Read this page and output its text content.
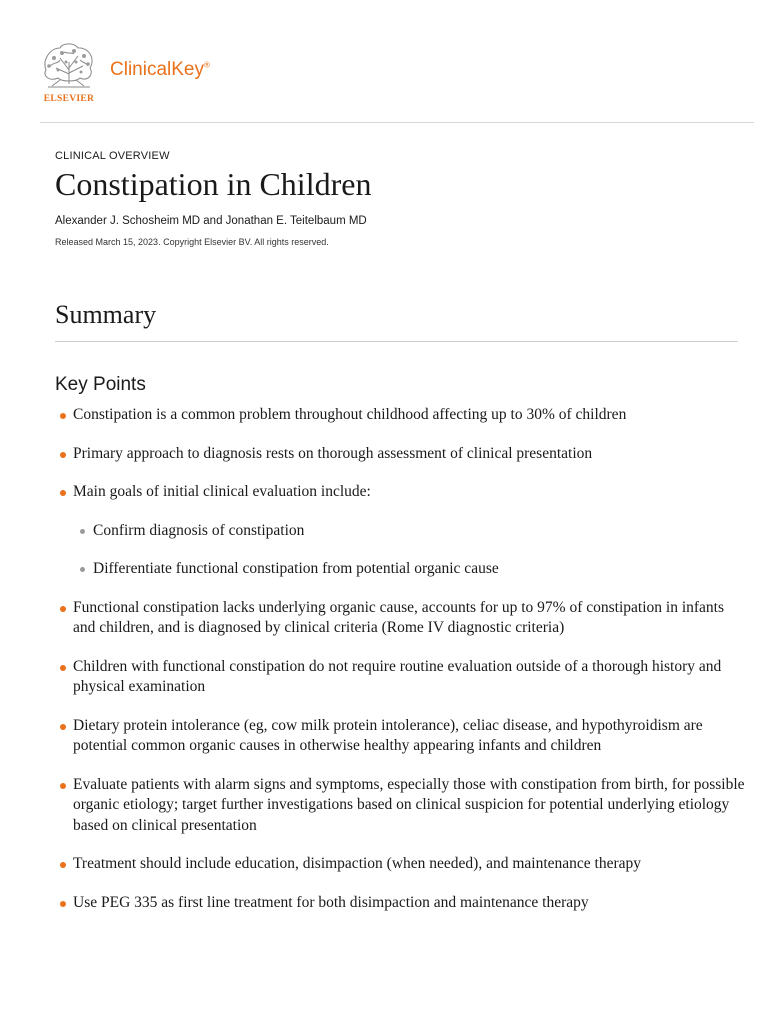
ELSEVIER
ClinicalKey®
CLINICAL OVERVIEW
Constipation in Children
Alexander J. Schosheim MD and Jonathan E. Teitelbaum MD
Released March 15, 2023. Copyright Elsevier BV. All rights reserved.
Summary
Key Points
Constipation is a common problem throughout childhood affecting up to 30% of children
Primary approach to diagnosis rests on thorough assessment of clinical presentation
Main goals of initial clinical evaluation include:
Confirm diagnosis of constipation
Differentiate functional constipation from potential organic cause
Functional constipation lacks underlying organic cause, accounts for up to 97% of constipation in infants and children, and is diagnosed by clinical criteria (Rome IV diagnostic criteria)
Children with functional constipation do not require routine evaluation outside of a thorough history and physical examination
Dietary protein intolerance (eg, cow milk protein intolerance), celiac disease, and hypothyroidism are potential common organic causes in otherwise healthy appearing infants and children
Evaluate patients with alarm signs and symptoms, especially those with constipation from birth, for possible organic etiology; target further investigations based on clinical suspicion for potential underlying etiology based on clinical presentation
Treatment should include education, disimpaction (when needed), and maintenance therapy
Use PEG 335 as first line treatment for both disimpaction and maintenance therapy
